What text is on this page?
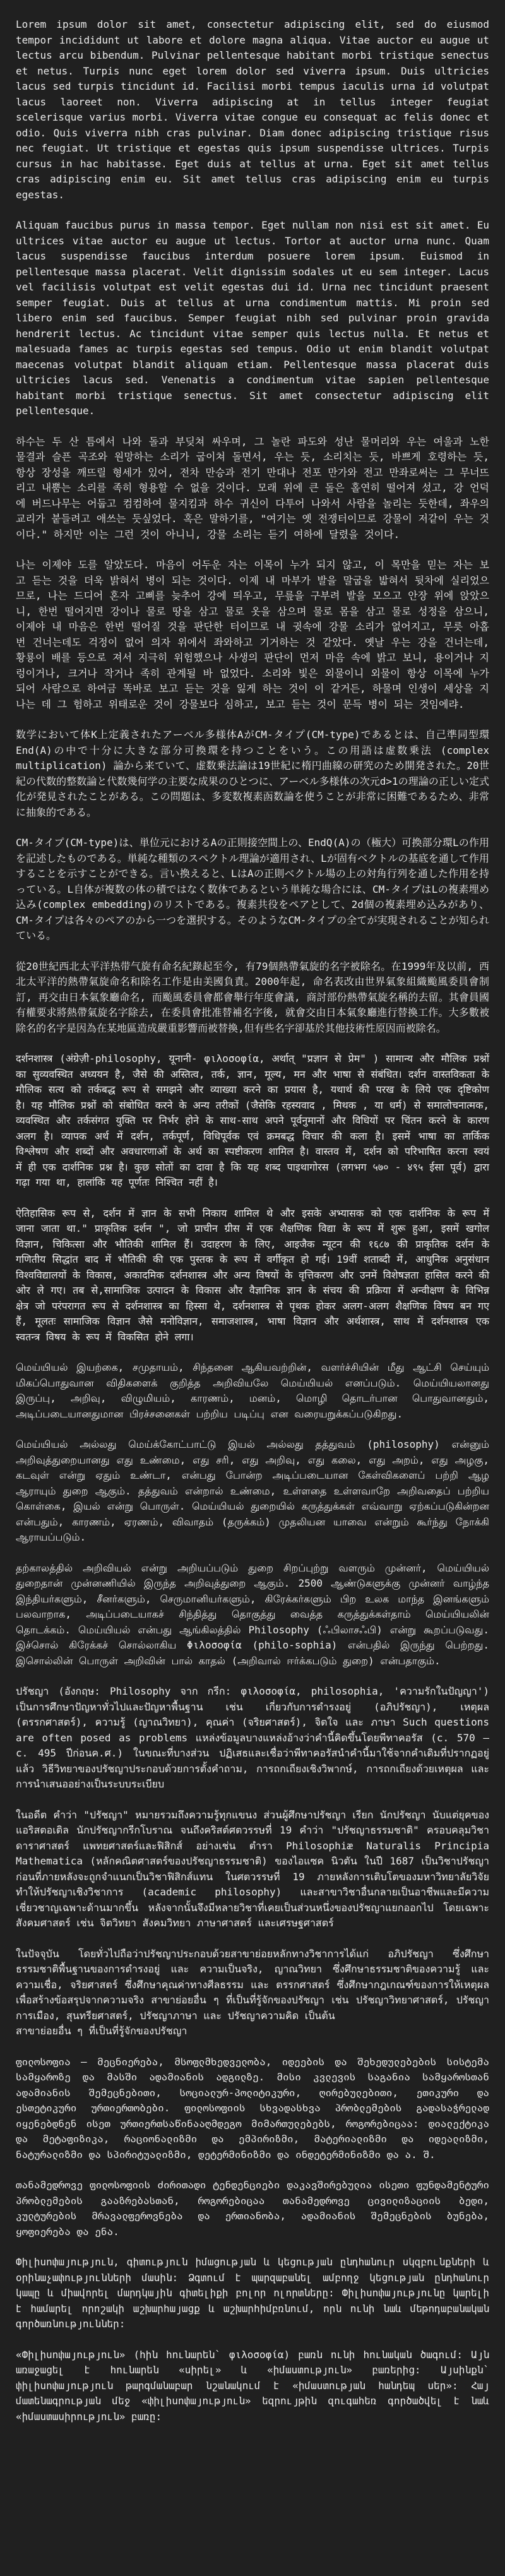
Lorem ipsum dolor sit amet, consectetur adipiscing elit, sed do eiusmod tempor incididunt ut labore et dolore magna aliqua. Vitae auctor eu augue ut lectus arcu bibendum. Pulvinar pellentesque habitant morbi tristique senectus et netus. Turpis nunc eget lorem dolor sed viverra ipsum. Duis ultricies lacus sed turpis tincidunt id. Facilisi morbi tempus iaculis urna id volutpat lacus laoreet non. Viverra adipiscing at in tellus integer feugiat scelerisque varius morbi. Viverra vitae congue eu consequat ac felis donec et odio. Quis viverra nibh cras pulvinar. Diam donec adipiscing tristique risus nec feugiat. Ut tristique et egestas quis ipsum suspendisse ultrices. Turpis cursus in hac habitasse. Eget duis at tellus at urna. Eget sit amet tellus cras adipiscing enim eu. Sit amet tellus cras adipiscing enim eu turpis egestas.

Aliquam faucibus purus in massa tempor. Eget nullam non nisi est sit amet. Eu ultrices vitae auctor eu augue ut lectus. Tortor at auctor urna nunc. Quam lacus suspendisse faucibus interdum posuere lorem ipsum. Euismod in pellentesque massa placerat. Velit dignissim sodales ut eu sem integer. Lacus vel facilisis volutpat est velit egestas dui id. Urna nec tincidunt praesent semper feugiat. Duis at tellus at urna condimentum mattis. Mi proin sed libero enim sed faucibus. Semper feugiat nibh sed pulvinar proin gravida hendrerit lectus. Ac tincidunt vitae semper quis lectus nulla. Et netus et malesuada fames ac turpis egestas sed tempus. Odio ut enim blandit volutpat maecenas volutpat blandit aliquam etiam. Pellentesque massa placerat duis ultricies lacus sed. Venenatis a condimentum vitae sapien pellentesque habitant morbi tristique senectus. Sit amet consectetur adipiscing elit pellentesque.

하수는 두 산 틈에서 나와 돌과 부딪쳐 싸우며, 그 놀란 파도와 성난 물머리와 우는 여울과 노한 물결과 슬픈 곡조와 원망하는 소리가 굽이쳐 돌면서, 우는 듯, 소리치는 듯, 바쁘게 호령하는 듯, 항상 장성을 깨뜨릴 형세가 있어, 전차 만승과 전기 만대나 전포 만가와 전고 만좌로써는 그 무너뜨리고 내뿜는 소리를 족히 형용할 수 없을 것이다. 모래 위에 큰 돌은 홀연히 떨어져 섰고, 강 언덕에 버드나무는 어둡고 컴컴하여 물지킴과 하수 귀신이 다투어 나와서 사람을 놀리는 듯한데, 좌우의 교리가 붙들려고 애쓰는 듯싶었다. 혹은 말하기를, "여기는 옛 전쟁터이므로 강물이 저같이 우는 것이다." 하지만 이는 그런 것이 아니니, 강물 소리는 듣기 여하에 달렸을 것이다.

나는 이제야 도를 알았도다. 마음이 어두운 자는 이목이 누가 되지 않고, 이 목만을 믿는 자는 보고 듣는 것을 더욱 밝혀서 병이 되는 것이다. 이제 내 마부가 발을 말굽을 밟혀서 뒷차에 실리었으므로, 나는 드디어 혼자 고삐를 늦추어 강에 띄우고, 무릎을 구부려 발을 모으고 안장 위에 앉았으니, 한번 떨어지면 강이나 물로 땅을 삼고 물로 옷을 삼으며 물로 몸을 삼고 물로 성정을 삼으니, 이제야 내 마음은 한번 떨어질 것을 판단한 터이므로 내 귓속에 강물 소리가 없어지고, 무릇 아홉 번 건너는데도 걱정이 없어 의자 위에서 좌와하고 기거하는 것 같았다. 옛날 우는 강을 건너는데, 황룡이 배를 등으로 져서 지극히 위험했으나 사생의 판단이 먼저 마음 속에 밝고 보니, 용이거나 지렁이거나, 크거나 작거나 족히 관계될 바 없었다. 소리와 빛은 외물이니 외물이 항상 이목에 누가 되어 사람으로 하여금 똑바로 보고 듣는 것을 잃게 하는 것이 이 같거든, 하물며 인생이 세상을 지나는 데 그 험하고 위태로운 것이 강물보다 심하고, 보고 듣는 것이 문득 병이 되는 것임에랴.

数学において体K上定義されたアーベル多様体AがCM-タイプ(CM-type)であるとは、自己準同型環 End(A)の中で十分に大きな部分可換環を持つことをいう。この用語は虚数乗法 (complex multiplication) 論から来ていて、虚数乗法論は19世紀に楕円曲線の研究のため開発された。20世紀の代数的整数論と代数幾何学の主要な成果のひとつに、アーベル多様体の次元d>1の理論の正しい定式化が発見されたことがある。この問題は、多変数複素函数論を使うことが非常に困難であるため、非常に抽象的である。

CM-タイプ(CM-type)は、単位元におけるAの正則接空間上の、EndQ(A)の（極大）可換部分環Lの作用を記述したものである。単純な種類のスペクトル理論が適用され、Lが固有ベクトルの基底を通して作用することを示すことができる。言い換えると、LはAの正則ベクトル場の上の対角行列を通した作用を持っている。L自体が複数の体の積ではなく数体であるという単純な場合には、CM-タイプはLの複素埋め込み(complex embedding)のリストである。複素共役をペアとして、2d個の複素埋め込みがあり、CM-タイプは各々のペアのから一つを選択する。そのようなCM-タイプの全てが実現されることが知られている。

從20世紀西北太平洋热带气旋有命名紀錄起至今, 有79個熱帶氣旋的名字被除名。在1999年及以前, 西北太平洋的熱帶氣旋命名和除名工作是由美國負責。2000年起, 命名表改由世界氣象組織颱風委員會制訂, 再交由日本氣象廳命名, 而颱風委員會都會舉行年度會議, 商討部份熱帶氣旋名稱的去留。其會員國有權要求將熱帶氣旋名字除去, 在委員會批准替補名字後, 就會交由日本氣象廳進行替換工作。大多數被除名的名字是因為在某地區造成嚴重影響而被替換,但有些名字卻基於其他技術性原因而被除名。

दर्शनशास्त्र (अंग्रेज़ी-philosophy, यूनानी- φιλοσοφία, अर्थात् "प्रज्ञान से प्रेम" ) सामान्य और मौलिक प्रश्नों का सुव्यवस्थित अध्ययन है, जैसे की अस्तित्व, तर्क, ज्ञान, मूल्य, मन और भाषा से संबंधित। दर्शन वास्तविकता के मौलिक सत्य को तर्कबद्ध रूप से समझने और व्याख्या करने का प्रयास है, यथार्थ की परख के लिये एक दृष्टिकोण है। यह मौलिक प्रश्नों को संबोधित करने के अन्य तरीकों (जैसेकि रहस्यवाद , मिथक , या धर्म) से समालोचनात्मक, व्यवस्थित और तर्कसंगत युक्ति पर निर्भर होने के साथ-साथ अपने पूर्वनुमानों और विधियों पर चिंतन करने के कारण अलग है। व्यापक अर्थ में दर्शन, तर्कपूर्ण, विधिपूर्वक एवं क्रमबद्ध विचार की कला है। इसमें भाषा का तार्किक विश्लेषण और शब्दों और अवधारणाओं के अर्थ का स्पष्टीकरण शामिल है। वास्तव में, दर्शन को परिभाषित करना स्वयं में ही एक दार्शनिक प्रश्न है। कुछ सोतों का दावा है कि यह शब्द पाइथागोरस (लगभग ५७० - ४९५ ईसा पूर्व) द्वारा गढ़ा गया था, हालांकि यह पूर्णतः निश्चित नहीं है।

ऐतिहासिक रूप से, दर्शन में ज्ञान के सभी निकाय शामिल थे और इसके अभ्यासक को एक दार्शनिक के रूप में जाना जाता था." प्राकृतिक दर्शन ", जो प्राचीन ग्रीस में एक शैक्षणिक विद्या के रूप में शुरू हुआ, इसमें खगोल विज्ञान, चिकित्सा और भौतिकी शामिल हैं। उदाहरण के लिए, आइजैक न्यूटन की १६८७ की प्राकृतिक दर्शन के गणितीय सिद्धांत बाद में भौतिकी की एक पुस्तक के रूप में वर्गीकृत हो गई। 19वीं शताब्दी में, आधुनिक अनुसंधान विश्वविद्यालयों के विकास, अकादमिक दर्शनशास्त्र और अन्य विषयों के वृत्तिकरण और उनमें विशेषज्ञता हासिल करने की ओर ले गए। तब से,सामाजिक उत्पादन के विकास और वैज्ञानिक ज्ञान के संचय की प्रक्रिया में अन्वीक्षण के विभिन्न क्षेत्र जो परंपरागत रूप से दर्शनशास्त्र का हिस्सा थे, दर्शनशास्त्र से पृथक होकर अलग-अलग शैक्षणिक विषय बन गए हैं, मूलतः सामाजिक विज्ञान जैसे मनोविज्ञान, समाजशास्त्र, भाषा विज्ञान और अर्थशास्त्र, साथ में दर्शनशास्त्र एक स्वतन्त्र विषय के रूप में विकसित होने लगा।

மெய்யியல் இயற்கை, சமுதாயம், சிந்தனை ஆகியவற்றின், வளர்ச்சியின் மீது ஆட்சி செய்யும் மிகப்பொதுவான விதிகளைக் குறித்த அறிவியலே மெய்யியல் எனப்படும். மெய்யியலானது இருப்பு, அறிவு, விழுமியம், காரணம், மனம், மொழி தொடர்பான பொதுவானதும், அடிப்படையானதுமான பிரச்சனைகள் பற்றிய படிப்பு என வரையறுக்கப்படுகிறது.

மெய்யியல் அல்லது மெய்க்கோட்பாட்டு இயல் அல்லது தத்துவம் (philosophy) என்னும் அறிவுத்துறையானது எது உண்மை, எது சரி, எது அறிவு, எது கலை, எது அறம், எது அழகு, கடவுள் என்று ஏதும் உண்டா, என்பது போன்ற அடிப்படையான கேள்விகளைப் பற்றி ஆழ ஆராயும் துறை ஆகும். தத்துவம் என்றால் உண்மை, உள்ளதை உள்ளவாறே அறிவதைப் பற்றிய கொள்கை, இயல் என்று பொருள். மெய்யியல் துறையில் கருத்துக்கள் எவ்வாறு ஏற்கப்படுகின்றன என்பதும், காரணம், ஏரணம், விவாதம் (தருக்கம்) முதலியன யாவை என்றும் கூர்ந்து நோக்கி ஆராயப்படும்.

தற்காலத்தில் அறிவியல் என்று அறியப்படும் துறை சிறப்புற்று வளரும் முன்னர், மெய்யியல் துறைதான் முன்னணியில் இருந்த அறிவுத்துறை ஆகும். 2500 ஆண்டுகளுக்கு முன்னர் வாழ்ந்த இந்தியர்களும், சீனர்களும், செருமானியர்களும், கிரேக்கர்களும் பிற உலக மாந்த இனங்களும் பலவாறாக, அடிப்படையாகச் சிந்தித்து தொகுத்து வைத்த கருத்துக்கள்தாம் மெய்யியலின் தொடக்கம். மெய்யியல் என்பது ஆங்கிலத்தில் Philosophy (ஃபிலாசஃபி) என்று கூறப்படுவது. இச்சொல் கிரேக்கச் சொல்லாகிய Φιλοσοφία (philo-sophia) என்பதில் இருந்து பெற்றது. இசொல்லின் பொருள் அறிவின் பால் காதல் (அறிவால் ஈர்க்கபடும் துறை) என்பதாகும்.

ปรัชญา (อังกฤษ: Philosophy จาก กรีก: φιλοσοφία, philosophia, 'ความรักในปัญญา') เป็นการศึกษาปัญหาทั่วไปและปัญหาพื้นฐาน เช่น เกี่ยวกับการดำรงอยู่ (อภิปรัชญา), เหตุผล (ตรรกศาสตร์), ความรู้ (ญาณวิทยา), คุณค่า (จริยศาสตร์), จิตใจ และ ภาษา Such questions are often posed as problems แหล่งข้อมูลบางแหล่งอ้างว่าคำนี้คิดขึ้นโดยพีทาคอรัส (c. 570 – c. 495 ปีก่อนค.ศ.) ในขณะที่บางส่วน ปฏิเสธและเชื่อว่าพีทาคอรัสนำคำนี้มาใช้จากคำเดิมที่ปรากฏอยู่แล้ว วิธีวิทยาของปรัชญาประกอบด้วยการตั้งคำถาม, การถกเถียงเชิงวิพากษ์, การถกเถียงด้วยเหตุผล และการนำเสนออย่างเป็นระบบระเบียบ

ในอดีต คำว่า "ปรัชญา" หมายรวมถึงความรู้ทุกแขนง ส่วนผู้ศึกษาปรัชญา เรียก นักปรัชญา นับแต่ยุคของแอริสตอเติล นักปรัชญากรีกโบราณ จนถึงคริสต์ศตวรรษที่ 19 คำว่า "ปรัชญาธรรมชาติ" ครอบคลุมวิชาดาราศาสตร์ แพทยศาสตร์และฟิสิกส์ อย่างเช่น ตำรา Philosophiæ Naturalis Principia Mathematica (หลักคณิตศาสตร์ของปรัชญาธรรมชาติ) ของไอแซค นิวตัน ในปี 1687 เป็นวิชาปรัชญาก่อนที่ภายหลังจะถูกจำแนกเป็นวิชาฟิสิกส์แทน ในศตวรรษที่ 19 ภายหลังการเติบโตของมหาวิทยาลัยวิจัยทำให้ปรัชญาเชิงวิชาการ (academic philosophy) และสาขาวิชาอื่นกลายเป็นอาชีพและมีความเชี่ยวชาญเฉพาะด้านมากขึ้น หลังจากนั้นจึงมีหลายวิชาที่เคยเป็นส่วนหนึ่งของปรัชญาแยกออกไป โดยเฉพาะสังคมศาสตร์ เช่น จิตวิทยา สังคมวิทยา ภาษาศาสตร์ และเศรษฐศาสตร์

ในปัจจุบัน โดยทั่วไปถือว่าปรัชญาประกอบด้วยสาขาย่อยหลักทางวิชาการได้แก่ อภิปรัชญา ซึ่งศึกษาธรรมชาติพื้นฐานของการดำรงอยู่ และ ความเป็นจริง, ญาณวิทยา ซึ่งศึกษาธรรมชาติของความรู้ และ ความเชื่อ, จริยศาสตร์ ซึ่งศึกษาคุณค่าทางศีลธรรม และ ตรรกศาสตร์ ซึ่งศึกษากฎเกณฑ์ของการให้เหตุผลเพื่อสร้างข้อสรุปจากความจริง สาขาย่อยอื่น ๆ ที่เป็นที่รู้จักของปรัชญา เช่น ปรัชญาวิทยาศาสตร์, ปรัชญาการเมือง, สุนทรียศาสตร์, ปรัชญาภาษา และ ปรัชญาความคิด เป็นต้น
สาขาย่อยอื่น ๆ ที่เป็นที่รู้จักของปรัชญา

ფილოსოფია — მეცნიერება, მსოფლმხედველობა, იდეების და შეხედულებების სისტემა სამყაროზე და მასში ადამიანის ადგილზე. მისი კვლევის საგანია სამყაროსთან ადამიანის შემეცნებითი, სოციალურ-პოლიტიკური, ღირებულებითი, ეთიკური და ესთეტიკური ურთიერთობები. ფილოსოფიის სხვადასხვა პრობლემების გადასაჭრელად იყენებდნენ ისეთ ურთიერთსაწინააღმდეგო მიმართულებებს, როგორებიცაა: დიალექტიკა და მეტაფიზიკა, რაციონალიზმი და ემპირიზმი, მატერიალიზმი და იდეალიზმი, ნატურალიზმი და სპირიტუალიზმი, დეტერმინიზმი და ინდეტერმინიზმი და ა. შ.

თანამედროვე ფილოსოფიის ძირითადი ტენდენციები დაკავშირებულია ისეთი ფუნდამენტური პრობლემების გააზრებასთან, როგორებიცაა თანამედროვე ცივილიზაციის ბედი, კულტურების მრავალფეროვნება და ერთიანობა, ადამიანის შემეცნების ბუნება, ყოფიერება და ენა.

Փիլիսոփայություն, գիտություն իմացության և կեցության ընդհանուր սկզբունքների և օրինաչափությունների մասին: Ձգտում է պարզաբանել ամբողջ կեցության ընդհանուր կապը և միավորել մարդկային գիտելիքի բոլոր ոլորտները: Փիլիսոփայությունը կարելի է համարել որոշակի աշխարհայացք և աշխարհիմբռնում, որն ունի նաև մեթոդաբանական գործառնություններ:

«Փիլիսոփայություն» (հին հունարեն` φιλοσοφία) բառն ունի հունական ծագում: Այն առաջացել է հունարեն «սիրել» և «իմաստություն» բառերից: Այսինքն` փիլիսոփայություն թարգմանաբար նշանակում է «իմաստության հանդեպ սեր»: Հայ մատենագրության մեջ «փիլիսոփայություն» եզրույթին զուգահեռ գործածվել է նաև «իմաստասիրություն» բառը:
